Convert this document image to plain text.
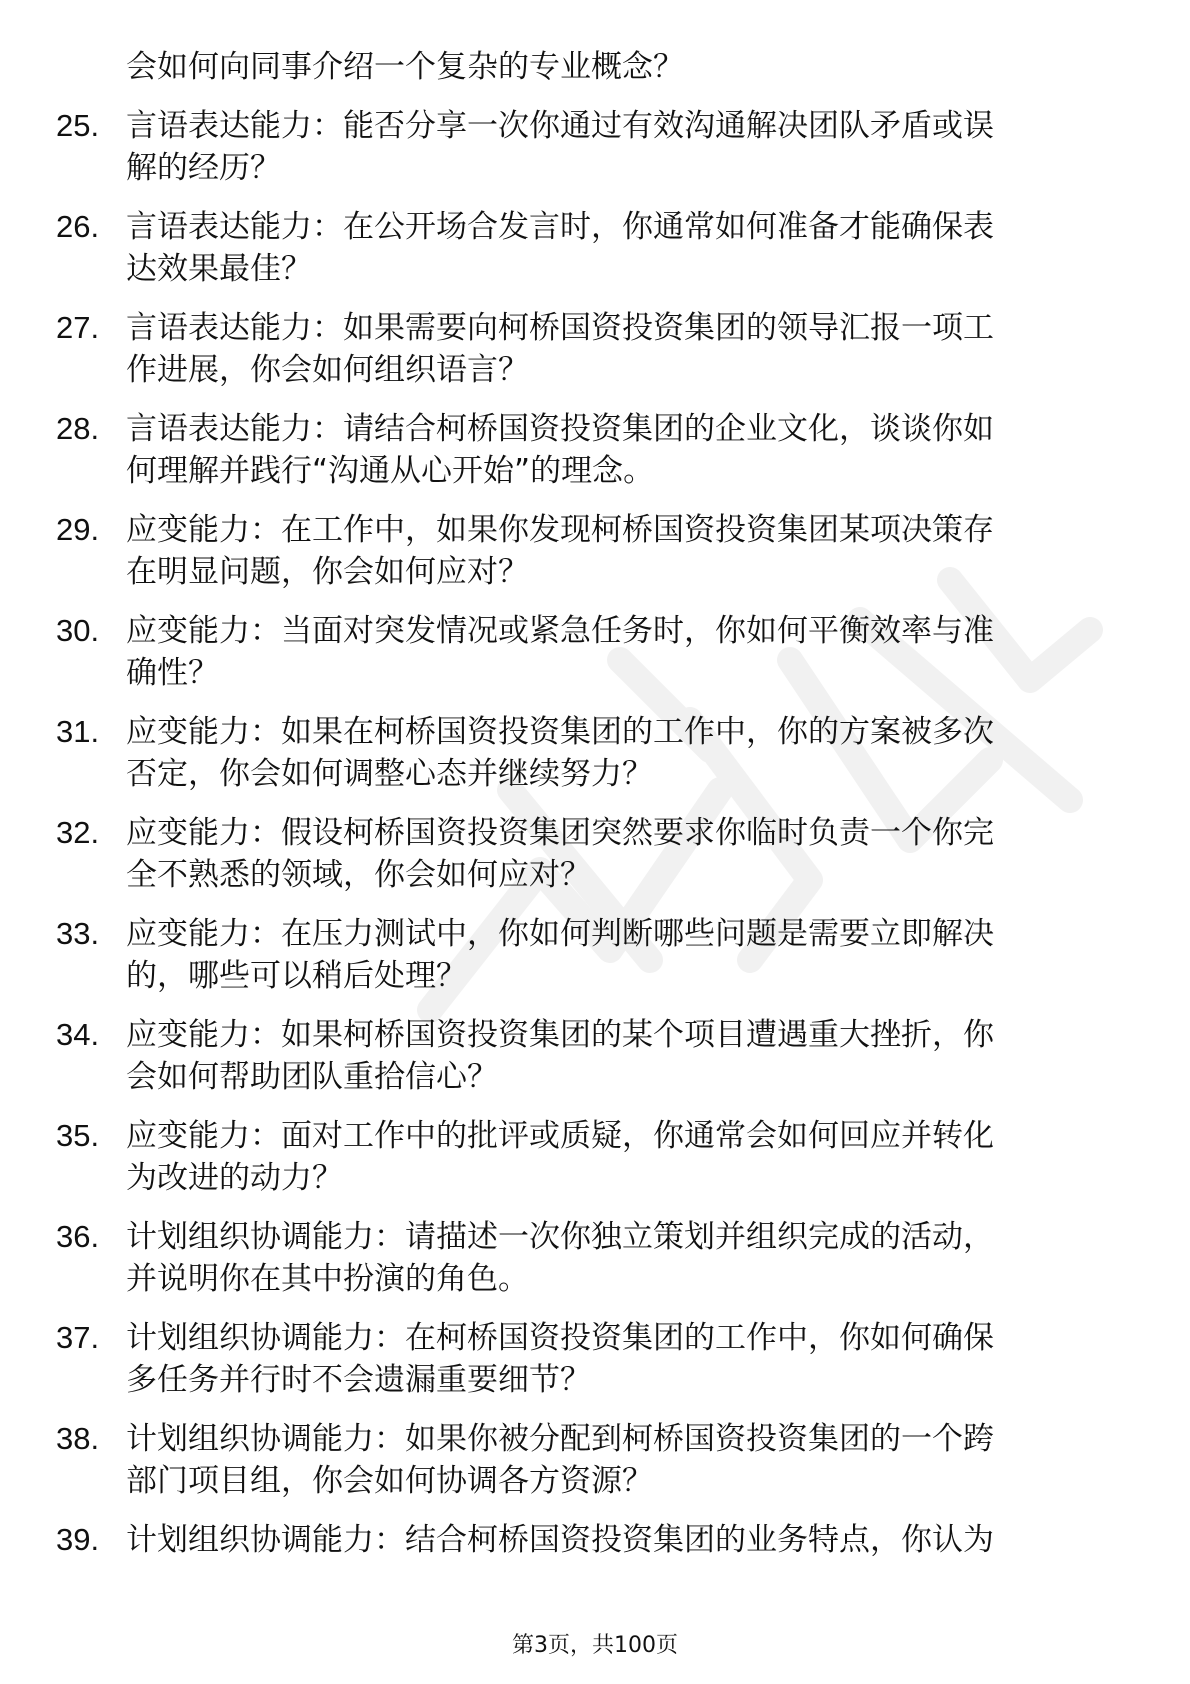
会如何向同事介绍一个复杂的专业概念？
25. 言语表达能力：能否分享一次你通过有效沟通解决团队矛盾或误
解的经历？
26. 言语表达能力：在公开场合发言时，你通常如何准备才能确保表
达效果最佳？
27. 言语表达能力：如果需要向柯桥国资投资集团的领导汇报一项工
作进展，你会如何组织语言？
28. 言语表达能力：请结合柯桥国资投资集团的企业文化，谈谈你如
何理解并践行“沟通从心开始”的理念。
29. 应变能力：在工作中，如果你发现柯桥国资投资集团某项决策存
在明显问题，你会如何应对？
30. 应变能力：当面对突发情况或紧急任务时，你如何平衡效率与准
确性？
31. 应变能力：如果在柯桥国资投资集团的工作中，你的方案被多次
否定，你会如何调整心态并继续努力？
32. 应变能力：假设柯桥国资投资集团突然要求你临时负责一个你完
全不熟悉的领域，你会如何应对？
33. 应变能力：在压力测试中，你如何判断哪些问题是需要立即解决
的，哪些可以稍后处理？
34. 应变能力：如果柯桥国资投资集团的某个项目遭遇重大挫折，你
会如何帮助团队重拾信心？
35. 应变能力：面对工作中的批评或质疑，你通常会如何回应并转化
为改进的动力？
36. 计划组织协调能力：请描述一次你独立策划并组织完成的活动，
并说明你在其中扮演的角色。
37. 计划组织协调能力：在柯桥国资投资集团的工作中，你如何确保
多任务并行时不会遗漏重要细节？
38. 计划组织协调能力：如果你被分配到柯桥国资投资集团的一个跨
部门项目组，你会如何协调各方资源？
39. 计划组织协调能力：结合柯桥国资投资集团的业务特点，你认为
第3页，共100页
